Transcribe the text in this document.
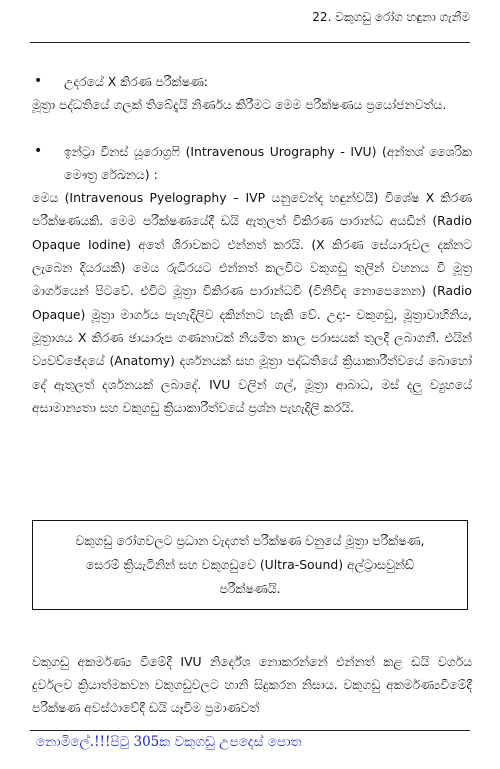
22. වකුගඩු රෝග හඳුනා ගැනීම
•	උදරයේ X කිරණ පරීක්ෂණ:

මූත්‍රා පද්ධතියේ ගලක් තිබේදැයි නිර්ණය කිරීමට මෙම පරීක්ෂණය ප්‍රයෝජනවත්ය.

•	ඉන්ට්‍රා වීනස් යූරොග්‍රෆි (Intravenous Urography - IVU) (අන්තශ් ශෛරික මෞත්‍ර රේඛනය) :

මෙය (Intravenous Pyelography – IVP යනුවෙන්ද හඳුන්වයි) විශේෂ X කිරණ පරීක්ෂණයකි. මෙම පරීක්ෂණයේදී ඩයි ඇතුලත් විකිරණ පාරාන්ධ අයඩීන් (Radio Opaque Iodine) අතේ ශිරාවකට එන්නත් කරයි. (X කිරණ සේයාරුවල දක්නට ලැබෙන දියරයකි) මෙය රුධිරයට එන්නත් කලවිට වකුගඩු තුලින් වහනය වී මූත්‍ර මාර්ගයෙන් පිටවේ. එවිට මූත්‍රා විකිරණ පාරාන්ධවී (විනිවිද නොපෙනෙන) (Radio Opaque) මූත්‍රා මාර්ගය පැහැදිලිව දකින්නට හැකි වේ. උදා:- වකුගඩු, මූත්‍රාවාහිනිය, මූත්‍රාශය X කිරණ ඡායාරූප ගණනාවක් නියමිත කාල පරාසයක් තුලදී ලබාගනී. එයින් ව්‍යවච්ඡේදයේ (Anatomy) දර්ශනයක් සහ මූත්‍රා පද්ධතියේ ක්‍රියාකාරීත්වයේ බොහෝ දේ ඇතුලත් දර්ශනයක් ලබාදේ. IVU වලින් ගල්, මූත්‍රා ආබාධ, මස් දලු ව්‍යුහයේ අසාමාන්‍යතා සහ වකුගඩු ක්‍රියාකාරීත්වයේ ප්‍රශ්න පැහැදිලි කරයි.

වකුගඩු රෝගවලට ප්‍රධාන වැදගත් පරීක්ෂණ වනුයේ මූත්‍රා පරීක්ෂණ, සෙරම් ක්‍රියැටිනින් සහ වකුගඩුවෙ (Ultra-Sound) අල්ට්‍රාසවුන්ඩ් පරීක්ෂණයි.

වකුගඩු අකර්මණ්‍ය වීමේදී IVU නිර්දේශ නොකරන්නේ එන්නත් කළ ඩයි වර්ගය දුර්වලව ක්‍රියාත්මකවන වකුගඩුවලට හානි සිදුකරන නිසාය. වකුගඩු අකර්මණ්‍යවීමේදී පරීක්ෂණ අවස්ථාවේදී ඩයි යෑවීම ප්‍රමාණවත්

නොමිලේ.!!!පිටු 305ක වකුගඩු උපදෙස් පොත
